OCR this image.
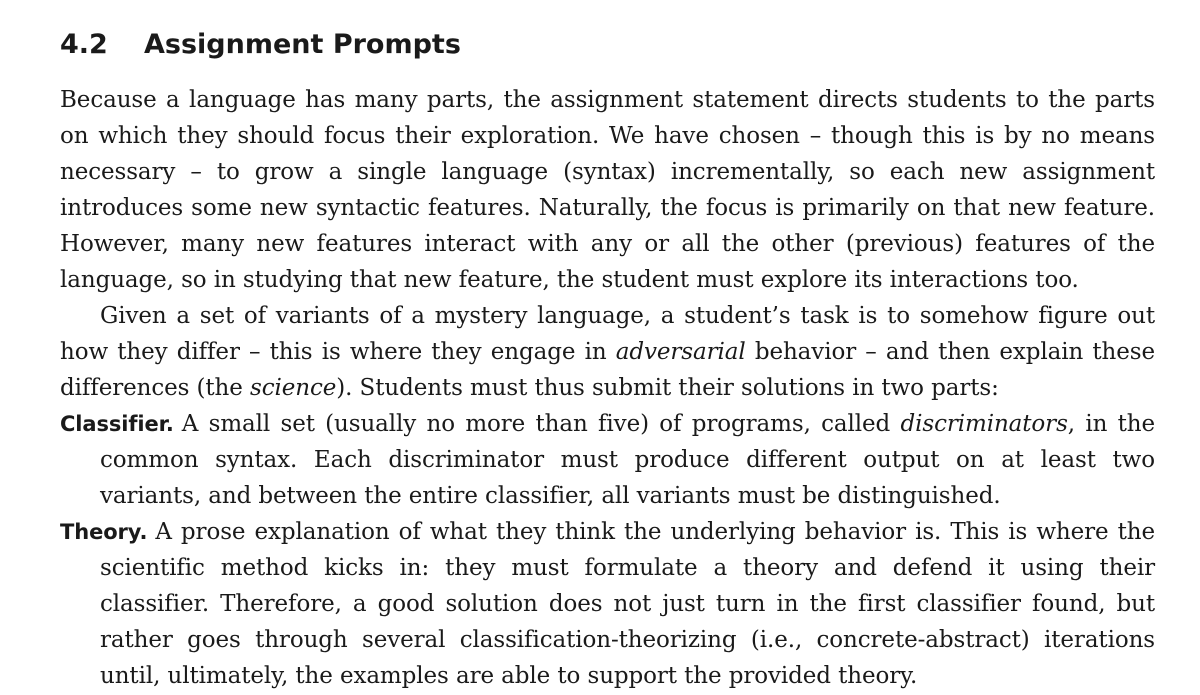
4.2 Assignment Prompts

Because a language has many parts, the assignment statement directs students to the parts on which they should focus their exploration. We have chosen – though this is by no means necessary – to grow a single language (syntax) incrementally, so each new assignment introduces some new syntactic features. Naturally, the focus is primarily on that new feature. However, many new features interact with any or all the other (previous) features of the language, so in studying that new feature, the student must explore its interactions too.

Given a set of variants of a mystery language, a student’s task is to somehow figure out how they differ – this is where they engage in adversarial behavior – and then explain these differences (the science). Students must thus submit their solutions in two parts:

Classifier. A small set (usually no more than five) of programs, called discriminators, in the common syntax. Each discriminator must produce different output on at least two variants, and between the entire classifier, all variants must be distinguished.

Theory. A prose explanation of what they think the underlying behavior is. This is where the scientific method kicks in: they must formulate a theory and defend it using their classifier. Therefore, a good solution does not just turn in the first classifier found, but rather goes through several classification-theorizing (i.e., concrete-abstract) iterations until, ultimately, the examples are able to support the provided theory.
